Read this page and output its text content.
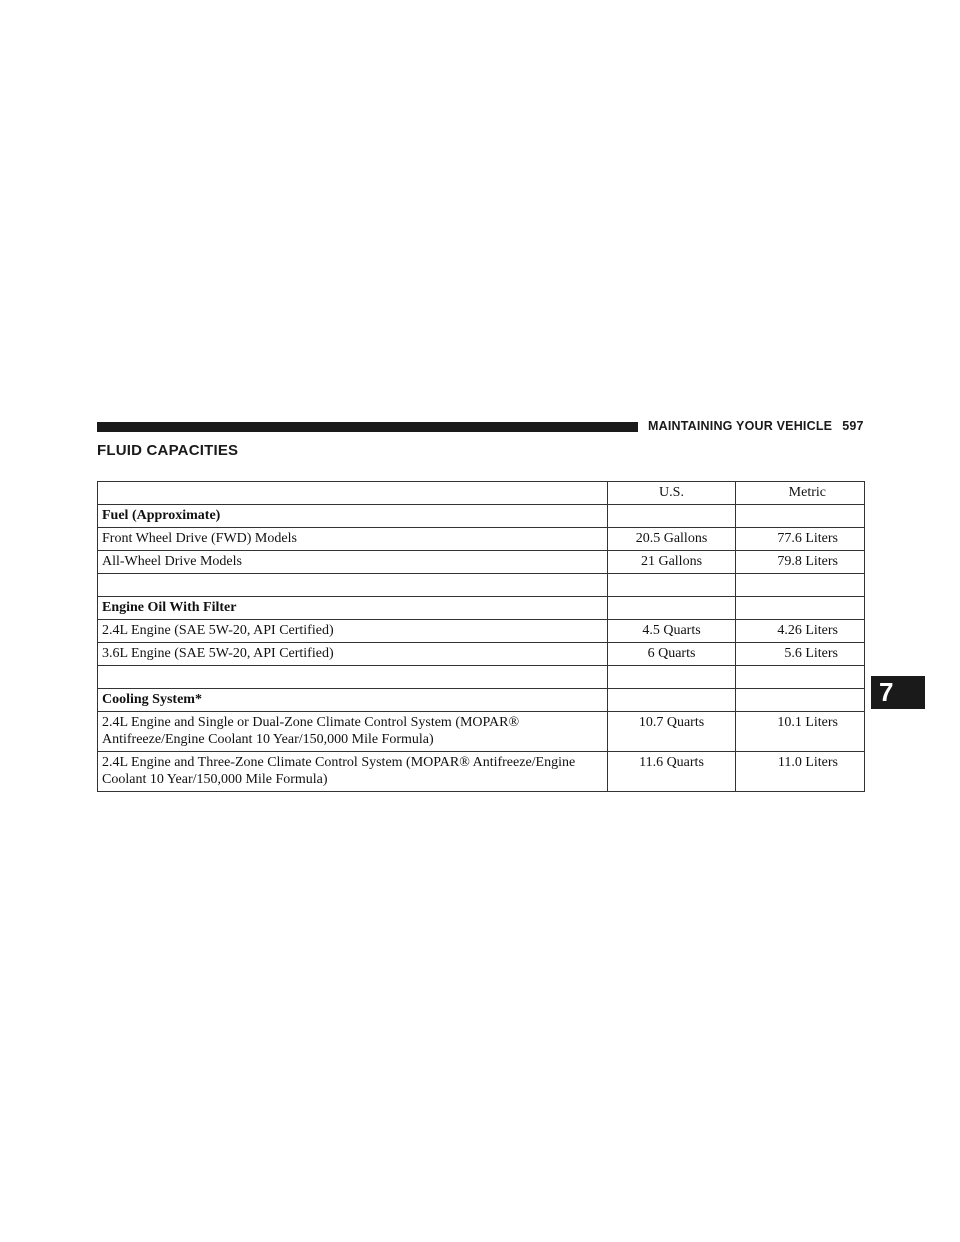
MAINTAINING YOUR VEHICLE 597
FLUID CAPACITIES
7
	U.S.	Metric
Fuel (Approximate)		
Front Wheel Drive (FWD) Models	20.5 Gallons	77.6 Liters
All-Wheel Drive Models	21 Gallons	79.8 Liters

Engine Oil With Filter		
2.4L Engine (SAE 5W-20, API Certified)	4.5 Quarts	4.26 Liters
3.6L Engine (SAE 5W-20, API Certified)	6 Quarts	5.6 Liters

Cooling System*		
2.4L Engine and Single or Dual-Zone Climate Control System (MOPAR® Antifreeze/Engine Coolant 10 Year/150,000 Mile Formula)	10.7 Quarts	10.1 Liters
2.4L Engine and Three-Zone Climate Control System (MOPAR® Antifreeze/Engine Coolant 10 Year/150,000 Mile Formula)	11.6 Quarts	11.0 Liters
